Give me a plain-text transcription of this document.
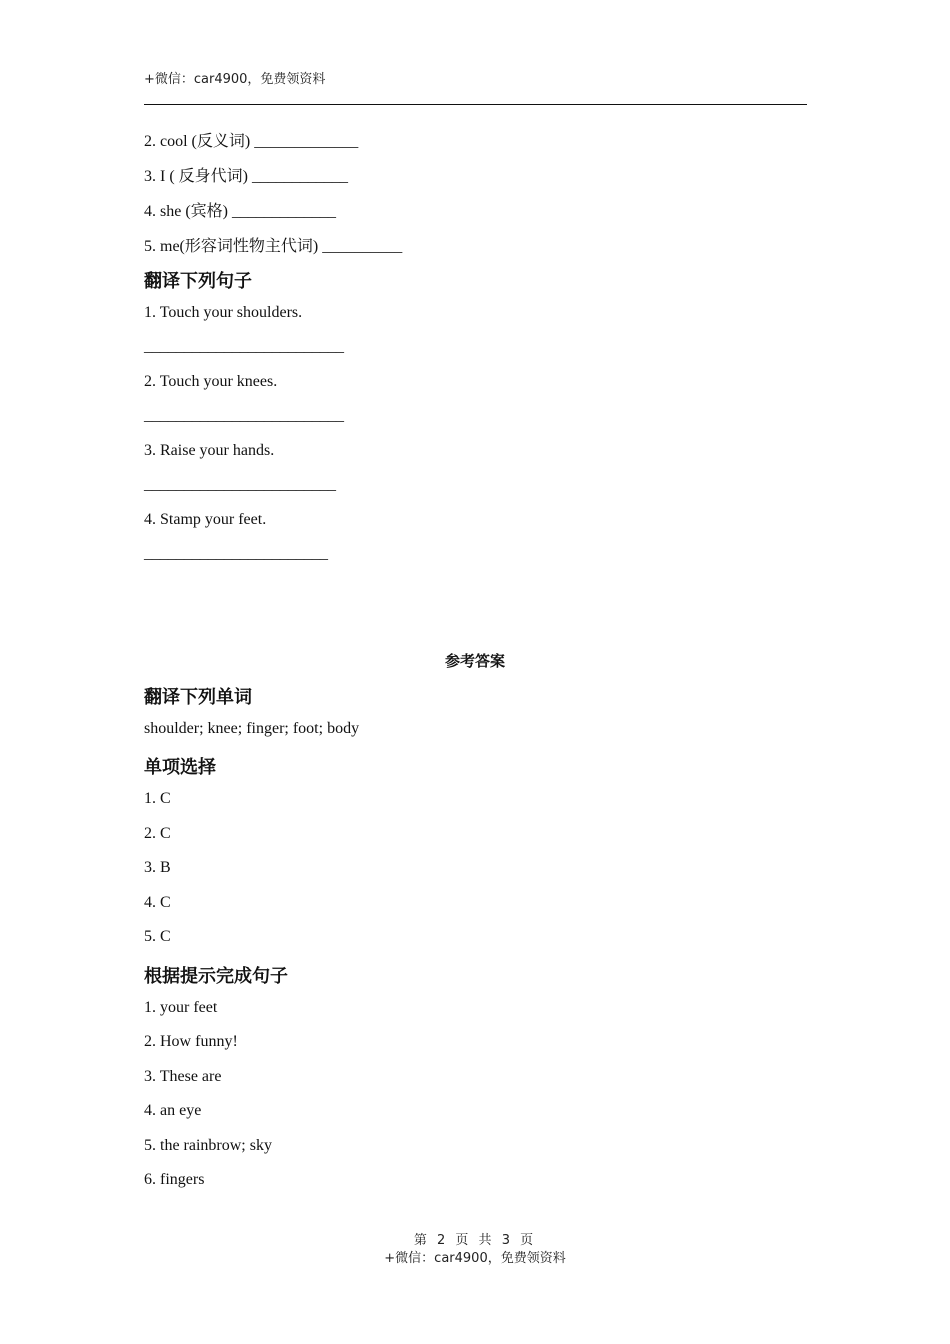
+微信：car4900，免费领资料
2. cool (反义词) _____________
3. I ( 反身代词) ____________
4. she (宾格) _____________
5. me(形容词性物主代词) __________
翻译下列句子
1. Touch your shoulders.
_________________________
2. Touch your knees.
_________________________
3. Raise your hands.
________________________
4. Stamp your feet.
_______________________
参考答案
翻译下列单词
shoulder; knee; finger; foot; body
单项选择
1. C
2. C
3. B
4. C
5. C
根据提示完成句子
1. your feet
2. How funny!
3. These are
4. an eye
5. the rainbrow; sky
6. fingers
第 2 页 共 3 页
+微信：car4900，免费领资料
